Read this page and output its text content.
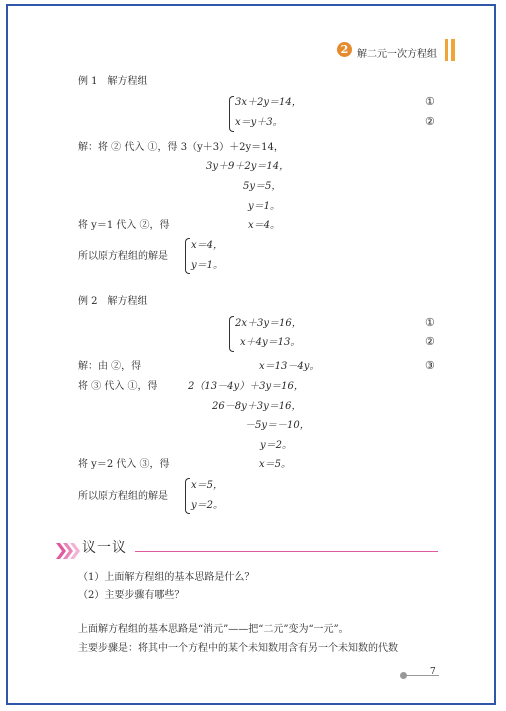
2 解二元一次方程组
例 1　解方程组
3x＋2y＝14，	①
x＝y＋3。	②
解：将 ② 代入 ①，得 3（y＋3）＋2y＝14，
3y＋9＋2y＝14，
5y＝5，
y＝1。
将 y＝1 代入 ②，得	x＝4。
所以原方程组的解是
x＝4，
y＝1。
例 2　解方程组
2x＋3y＝16，	①
x＋4y＝13。	②
解：由 ②，得	x＝13－4y。	③
将 ③ 代入 ①，得	2（13－4y）＋3y＝16，
26－8y＋3y＝16，
－5y＝－10，
y＝2。
将 y＝2 代入 ③，得	x＝5。
所以原方程组的解是
x＝5，
y＝2。
议一议
（1）上面解方程组的基本思路是什么？
（2）主要步骤有哪些？
上面解方程组的基本思路是“消元”——把“二元”变为“一元”。
主要步骤是：将其中一个方程中的某个未知数用含有另一个未知数的代数
7
